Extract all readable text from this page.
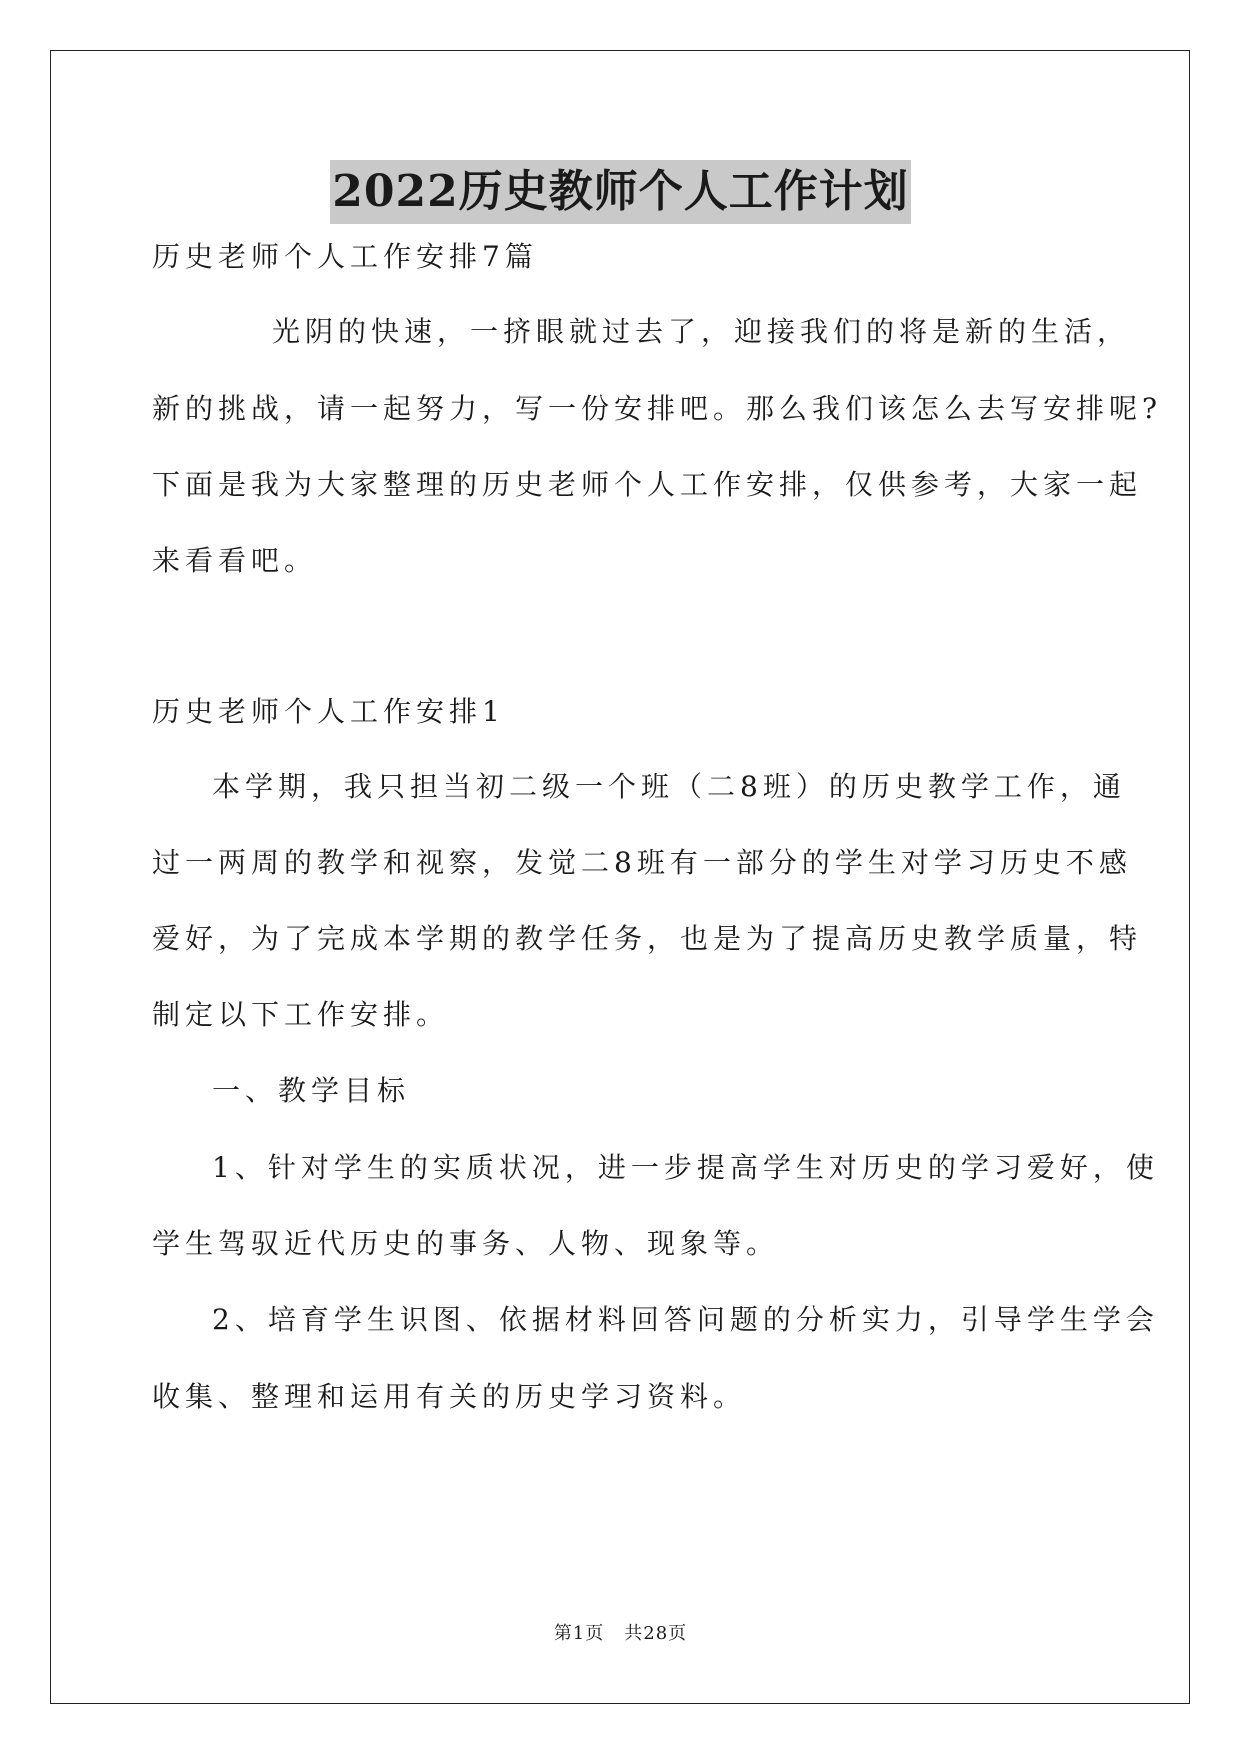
2022历史教师个人工作计划
历史老师个人工作安排7篇
光阴的快速，一挤眼就过去了，迎接我们的将是新的生活，
新的挑战，请一起努力，写一份安排吧。那么我们该怎么去写安排呢?
下面是我为大家整理的历史老师个人工作安排，仅供参考，大家一起
来看看吧。
历史老师个人工作安排1
本学期，我只担当初二级一个班（二8班）的历史教学工作，通
过一两周的教学和视察，发觉二8班有一部分的学生对学习历史不感
爱好，为了完成本学期的教学任务，也是为了提高历史教学质量，特
制定以下工作安排。
一、教学目标
1、针对学生的实质状况，进一步提高学生对历史的学习爱好，使
学生驾驭近代历史的事务、人物、现象等。
2、培育学生识图、依据材料回答问题的分析实力，引导学生学会
收集、整理和运用有关的历史学习资料。
第1页 共28页
